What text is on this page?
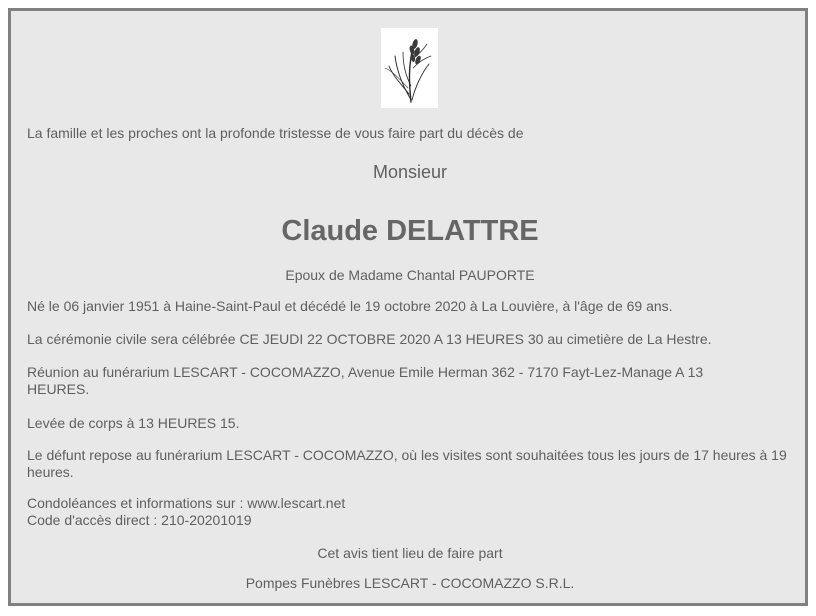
La famille et les proches ont la profonde tristesse de vous faire part du décès de

Monsieur

Claude DELATTRE

Epoux de Madame Chantal PAUPORTE

Né le 06 janvier 1951 à Haine-Saint-Paul et décédé le 19 octobre 2020 à La Louvière, à l'âge de 69 ans.

La cérémonie civile sera célébrée CE JEUDI 22 OCTOBRE 2020 A 13 HEURES 30 au cimetière de La Hestre.

Réunion au funérarium LESCART - COCOMAZZO, Avenue Emile Herman 362 - 7170 Fayt-Lez-Manage A 13 HEURES.

Levée de corps à 13 HEURES 15.

Le défunt repose au funérarium LESCART - COCOMAZZO, où les visites sont souhaitées tous les jours de 17 heures à 19 heures.

Condoléances et informations sur : www.lescart.net

Code d'accès direct : 210-20201019

Cet avis tient lieu de faire part

Pompes Funèbres LESCART - COCOMAZZO S.R.L.
